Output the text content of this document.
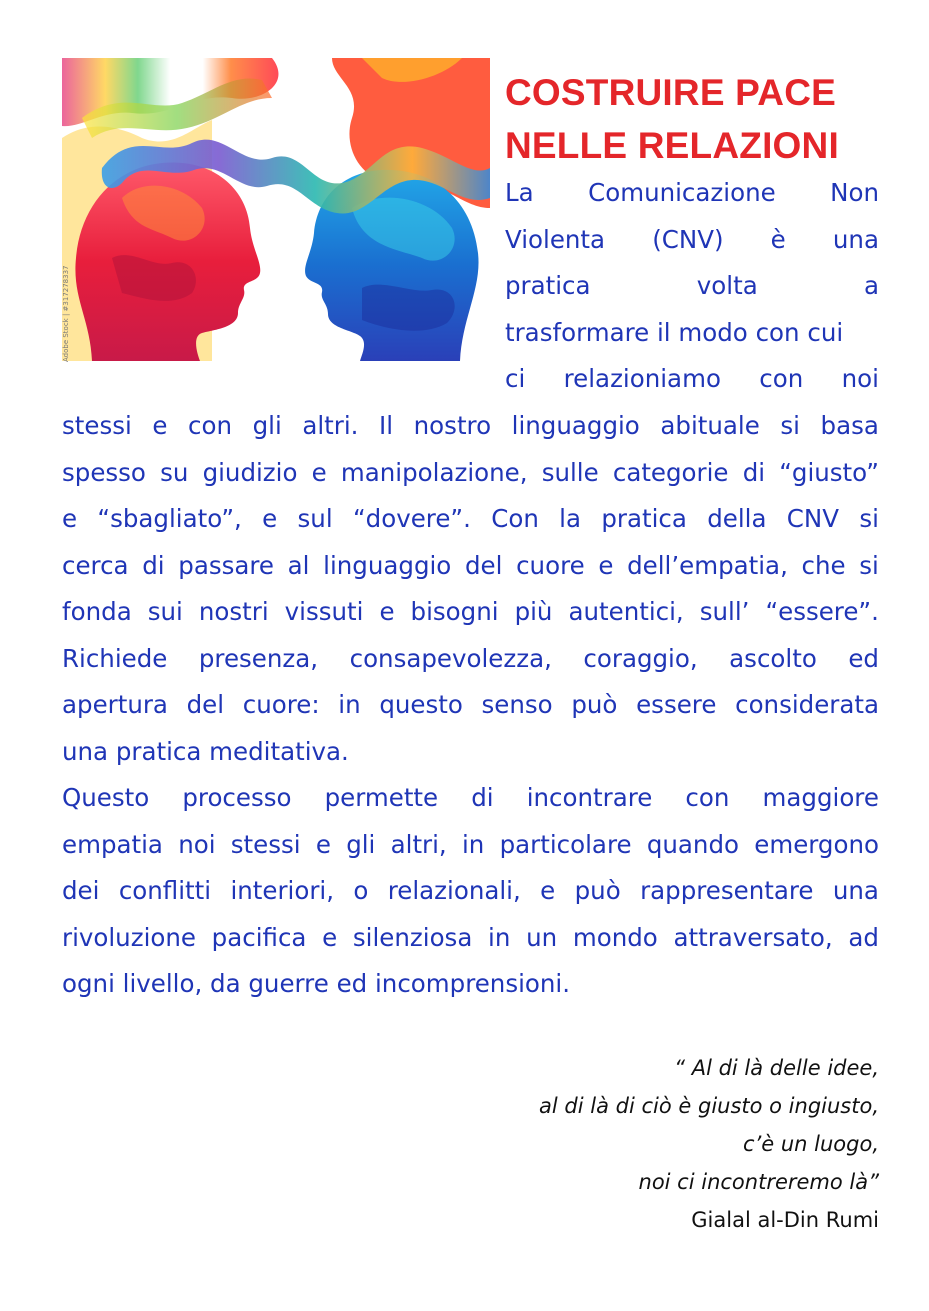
Adobe Stock | #317278337
COSTRUIRE PACE
NELLE RELAZIONI
La Comunicazione Non
Violenta (CNV) è una
pratica	volta	a
trasformare il modo con cui
ci relazioniamo con noi
stessi e con gli altri. Il nostro linguaggio abituale si basa
spesso su giudizio e manipolazione, sulle categorie di “giusto”
e “sbagliato”, e sul “dovere”. Con la pratica della CNV si
cerca di passare al linguaggio del cuore e dell’empatia, che si
fonda sui nostri vissuti e bisogni più autentici, sull’ “essere”.
Richiede presenza, consapevolezza, coraggio, ascolto ed
apertura del cuore: in questo senso può essere considerata
una pratica meditativa.
Questo processo permette di incontrare con maggiore
empatia noi stessi e gli altri, in particolare quando emergono
dei conflitti interiori, o relazionali, e può rappresentare una
rivoluzione pacifica e silenziosa in un mondo attraversato, ad
ogni livello, da guerre ed incomprensioni.
“ Al di là delle idee,
al di là di ciò è giusto o ingiusto,
c’è un luogo,
noi ci incontreremo là”
Gialal al-Din Rumi
